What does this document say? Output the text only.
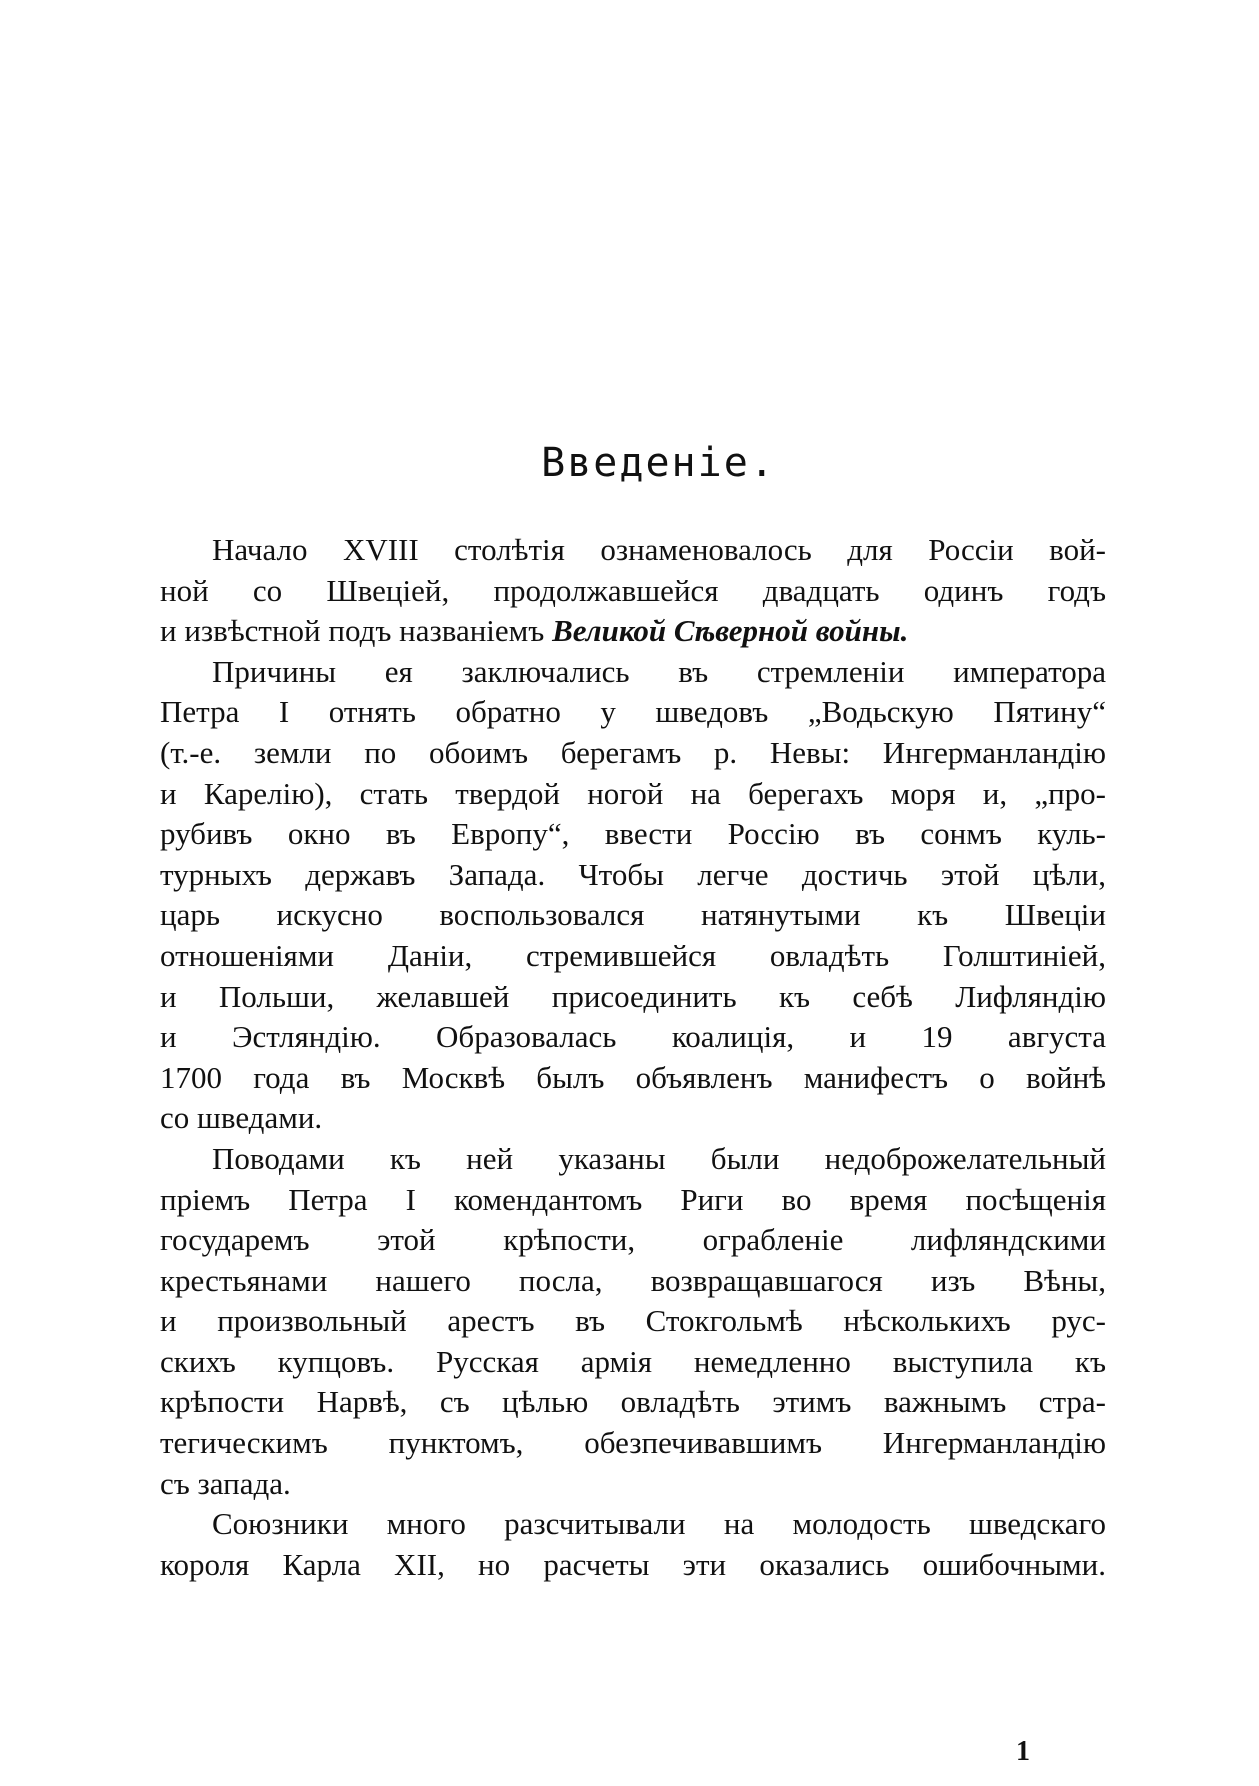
Введеніе.
Начало XVIII столѣтія ознаменовалось для Россіи вой-
ной со Швеціей, продолжавшейся двадцать одинъ годъ
и извѣстной подъ названіемъ Великой Сѣверной войны.
Причины ея заключались въ стремленіи императора
Петра I отнять обратно у шведовъ „Водьскую Пятину“
(т.-е. земли по обоимъ берегамъ р. Невы: Ингерманландію
и Карелію), стать твердой ногой на берегахъ моря и, „про-
рубивъ окно въ Европу“, ввести Россію въ сонмъ куль-
турныхъ державъ Запада. Чтобы легче достичь этой цѣли,
царь искусно воспользовался натянутыми къ Швеціи
отношеніями Даніи, стремившейся овладѣть Голштиніей,
и Польши, желавшей присоединить къ себѣ Лифляндію
и Эстляндію. Образовалась коалиція, и 19 августа
1700 года въ Москвѣ былъ объявленъ манифестъ о войнѣ
со шведами.
Поводами къ ней указаны были недоброжелательный
пріемъ Петра I комендантомъ Риги во время посѣщенія
государемъ этой крѣпости, ограбленіе лифляндскими
крестьянами нашего посла, возвращавшагося изъ Вѣны,
и произвольный арестъ въ Стокгольмѣ нѣсколькихъ рус-
скихъ купцовъ. Русская армія немедленно выступила къ
крѣпости Нарвѣ, съ цѣлью овладѣть этимъ важнымъ стра-
тегическимъ пунктомъ, обезпечивавшимъ Ингерманландію
съ запада.
Союзники много разсчитывали на молодость шведскаго
короля Карла XII, но расчеты эти оказались ошибочными.
1
